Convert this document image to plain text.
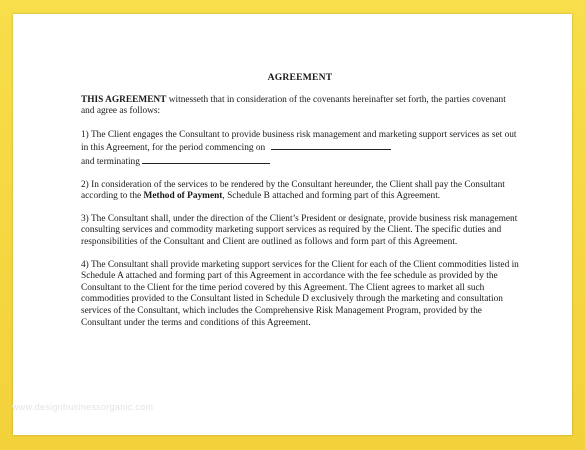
AGREEMENT

THIS AGREEMENT witnesseth that in consideration of the covenants hereinafter set forth, the parties covenant and agree as follows:

1) The Client engages the Consultant to provide business risk management and marketing support services as set out in this Agreement, for the period commencing on
and terminating

2) In consideration of the services to be rendered by the Consultant hereunder, the Client shall pay the Consultant according to the Method of Payment, Schedule B attached and forming part of this Agreement.

3) The Consultant shall, under the direction of the Client’s President or designate, provide business risk management consulting services and commodity marketing support services as required by the Client. The specific duties and responsibilities of the Consultant and Client are outlined as follows and form part of this Agreement.

4) The Consultant shall provide marketing support services for the Client for each of the Client commodities listed in Schedule A attached and forming part of this Agreement in accordance with the fee schedule as provided by the Consultant to the Client for the time period covered by this Agreement. The Client agrees to market all such commodities provided to the Consultant listed in Schedule D exclusively through the marketing and consultation services of the Consultant, which includes the Comprehensive Risk Management Program, provided by the Consultant under the terms and conditions of this Agreement.

www.designbusinessorganic.com
